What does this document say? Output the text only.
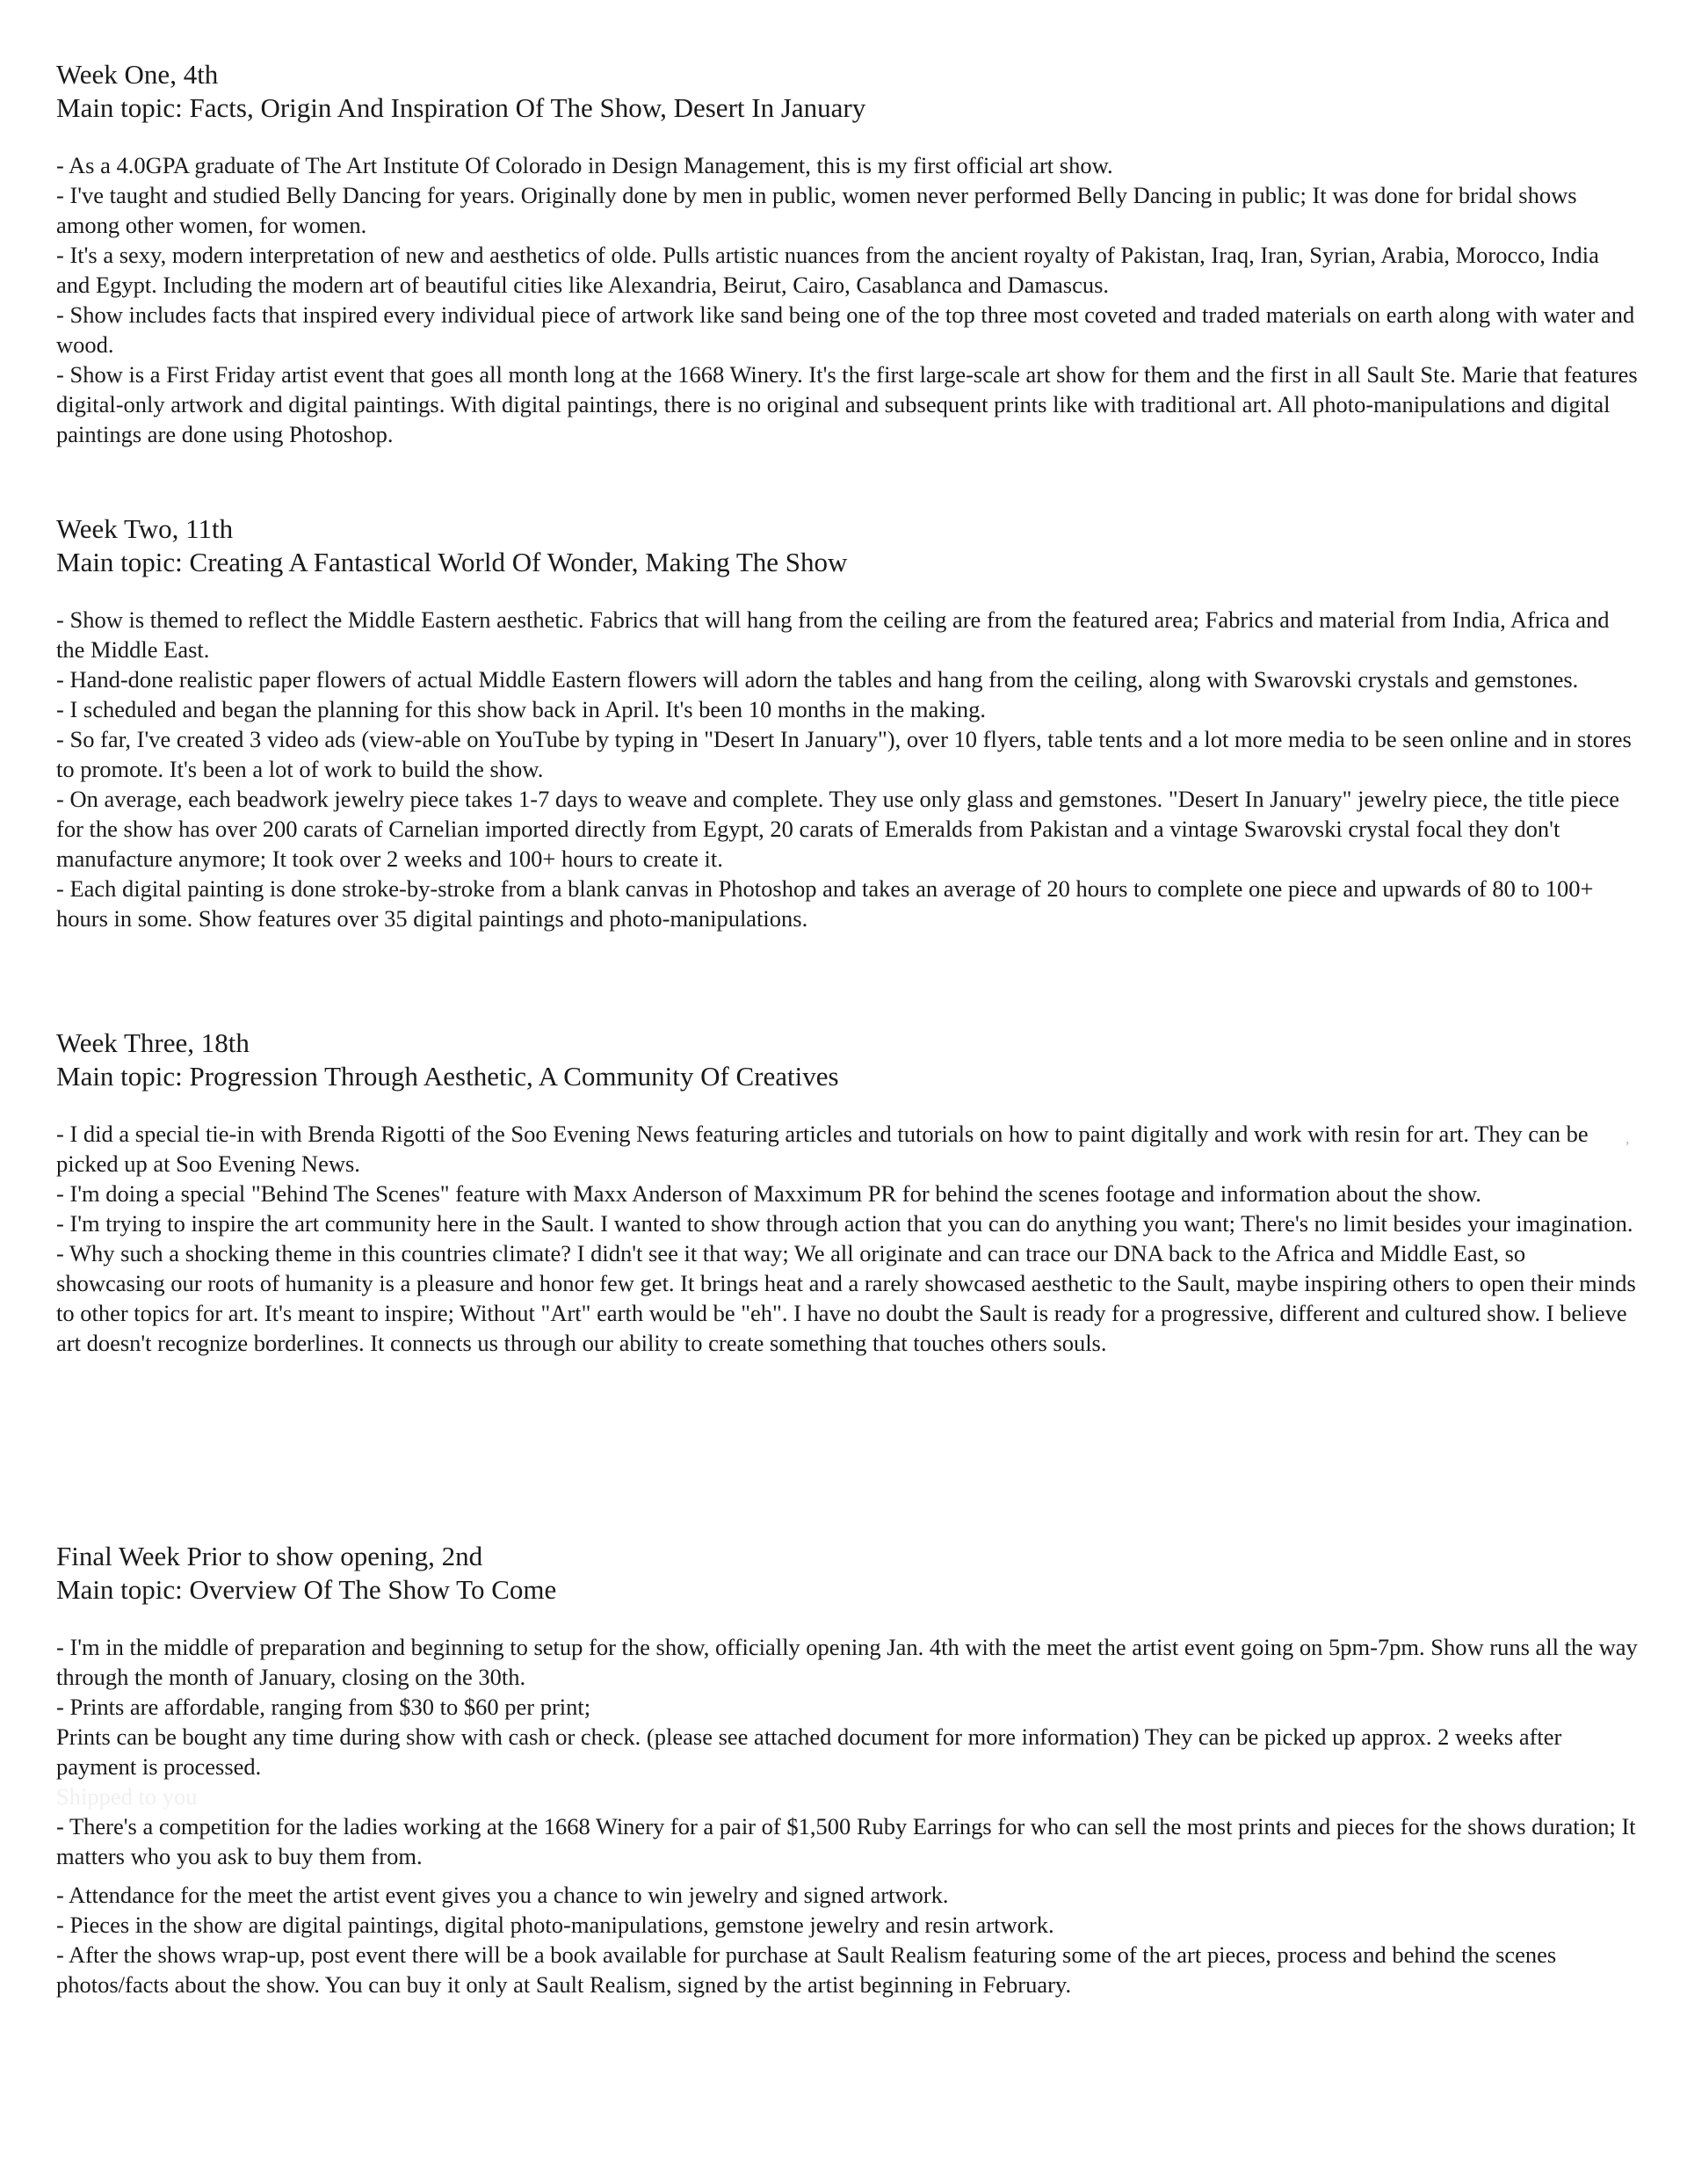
Week One, 4th

Main topic: Facts, Origin And Inspiration Of The Show, Desert In January

- As a 4.0GPA graduate of The Art Institute Of Colorado in Design Management, this is my first official art show.

- I've taught and studied Belly Dancing for years. Originally done by men in public, women never performed Belly Dancing in public; It was done for bridal shows among other women, for women.

- It's a sexy, modern interpretation of new and aesthetics of olde. Pulls artistic nuances from the ancient royalty of Pakistan, Iraq, Iran, Syrian, Arabia, Morocco, India and Egypt. Including the modern art of beautiful cities like Alexandria, Beirut, Cairo, Casablanca and Damascus.

- Show includes facts that inspired every individual piece of artwork like sand being one of the top three most coveted and traded materials on earth along with water and wood.

- Show is a First Friday artist event that goes all month long at the 1668 Winery. It's the first large-scale art show for them and the first in all Sault Ste. Marie that features digital-only artwork and digital paintings. With digital paintings, there is no original and subsequent prints like with traditional art. All photo-manipulations and digital paintings are done using Photoshop.

Week Two, 11th

Main topic: Creating A Fantastical World Of Wonder, Making The Show

- Show is themed to reflect the Middle Eastern aesthetic. Fabrics that will hang from the ceiling are from the featured area; Fabrics and material from India, Africa and the Middle East.

- Hand-done realistic paper flowers of actual Middle Eastern flowers will adorn the tables and hang from the ceiling, along with Swarovski crystals and gemstones.

- I scheduled and began the planning for this show back in April. It's been 10 months in the making.

- So far, I've created 3 video ads (view-able on YouTube by typing in "Desert In January"), over 10 flyers, table tents and a lot more media to be seen online and in stores to promote. It's been a lot of work to build the show.

- On average, each beadwork jewelry piece takes 1-7 days to weave and complete. They use only glass and gemstones. "Desert In January" jewelry piece, the title piece for the show has over 200 carats of Carnelian imported directly from Egypt, 20 carats of Emeralds from Pakistan and a vintage Swarovski crystal focal they don't manufacture anymore; It took over 2 weeks and 100+ hours to create it.

- Each digital painting is done stroke-by-stroke from a blank canvas in Photoshop and takes an average of 20 hours to complete one piece and upwards of 80 to 100+ hours in some. Show features over 35 digital paintings and photo-manipulations.

Week Three, 18th

Main topic: Progression Through Aesthetic, A Community Of Creatives

- I did a special tie-in with Brenda Rigotti of the Soo Evening News featuring articles and tutorials on how to paint digitally and work with resin for art. They can be picked up at Soo Evening News.

- I'm doing a special "Behind The Scenes" feature with Maxx Anderson of Maxximum PR for behind the scenes footage and information about the show.

- I'm trying to inspire the art community here in the Sault. I wanted to show through action that you can do anything you want; There's no limit besides your imagination.

- Why such a shocking theme in this countries climate? I didn't see it that way; We all originate and can trace our DNA back to the Africa and Middle East, so showcasing our roots of humanity is a pleasure and honor few get. It brings heat and a rarely showcased aesthetic to the Sault, maybe inspiring others to open their minds to other topics for art. It's meant to inspire; Without "Art" earth would be "eh". I have no doubt the Sault is ready for a progressive, different and cultured show. I believe art doesn't recognize borderlines. It connects us through our ability to create something that touches others souls.

Final Week Prior to show opening, 2nd

Main topic: Overview Of The Show To Come

- I'm in the middle of preparation and beginning to setup for the show, officially opening Jan. 4th with the meet the artist event going on 5pm-7pm. Show runs all the way through the month of January, closing on the 30th.

- Prints are affordable, ranging from $30 to $60 per print;

Prints can be bought any time during show with cash or check. (please see attached document for more information) They can be picked up approx. 2 weeks after payment is processed.

Shipped to you

- There's a competition for the ladies working at the 1668 Winery for a pair of $1,500 Ruby Earrings for who can sell the most prints and pieces for the shows duration; It matters who you ask to buy them from.

- Attendance for the meet the artist event gives you a chance to win jewelry and signed artwork.

- Pieces in the show are digital paintings, digital photo-manipulations, gemstone jewelry and resin artwork.

- After the shows wrap-up, post event there will be a book available for purchase at Sault Realism featuring some of the art pieces, process and behind the scenes photos/facts about the show. You can buy it only at Sault Realism, signed by the artist beginning in February.

,
